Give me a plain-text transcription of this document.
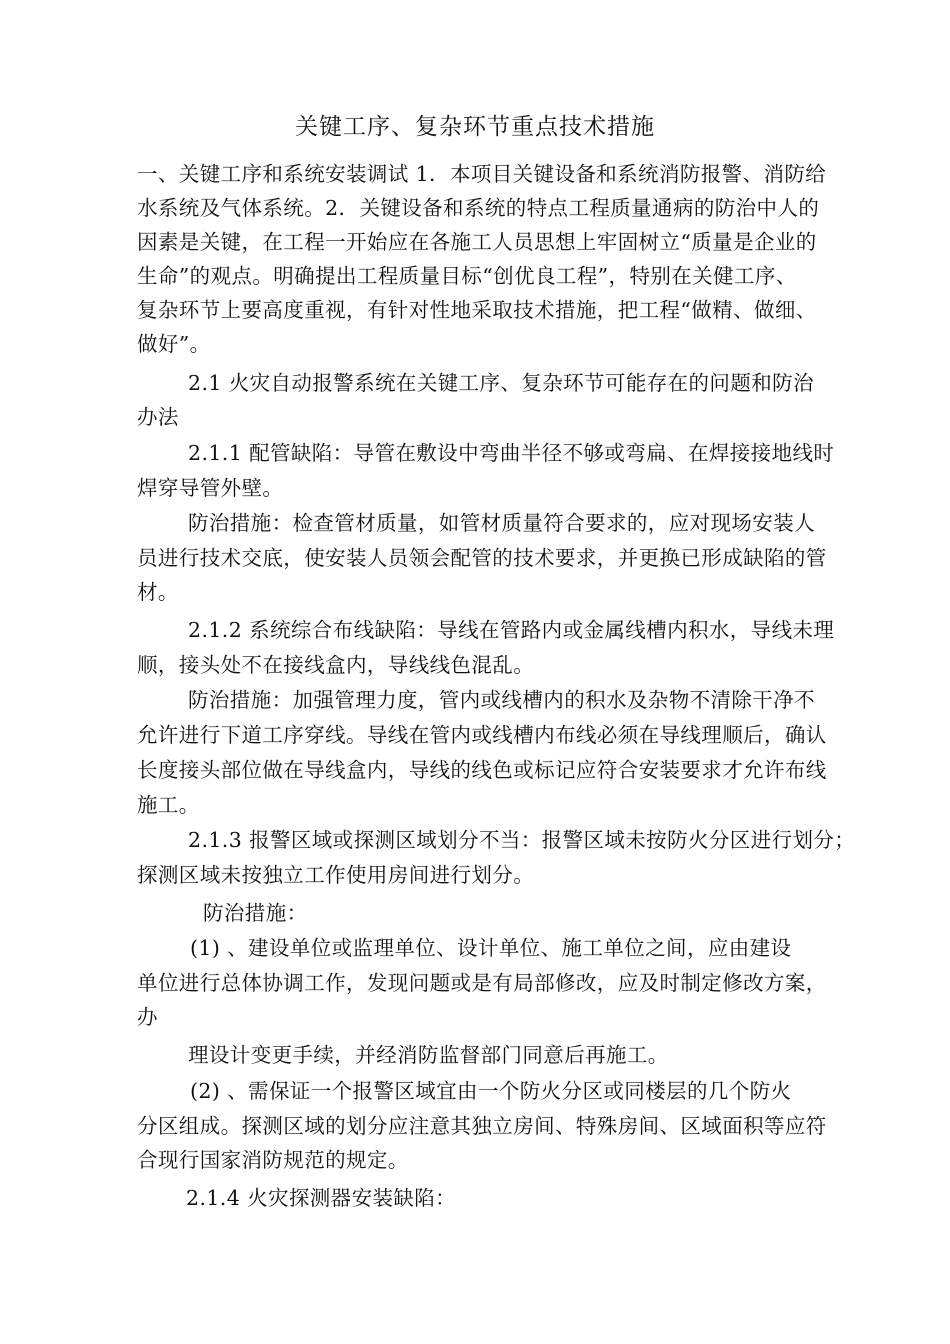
关键工序、复杂环节重点技术措施
一、关键工序和系统安装调试 1．本项目关键设备和系统消防报警、消防给
水系统及气体系统。2．关键设备和系统的特点工程质量通病的防治中人的
因素是关键，在工程一开始应在各施工人员思想上牢固树立“质量是企业的
生命”的观点。明确提出工程质量目标“创优良工程”，特别在关健工序、
复杂环节上要高度重视，有针对性地采取技术措施，把工程“做精、做细、
做好”。
2.1 火灾自动报警系统在关键工序、复杂环节可能存在的问题和防治
办法
2.1.1 配管缺陷：导管在敷设中弯曲半径不够或弯扁、在焊接接地线时
焊穿导管外壁。
防治措施：检查管材质量，如管材质量符合要求的，应对现场安装人
员进行技术交底，使安装人员领会配管的技术要求，并更换已形成缺陷的管
材。
2.1.2 系统综合布线缺陷：导线在管路内或金属线槽内积水，导线未理
顺，接头处不在接线盒内，导线线色混乱。
防治措施：加强管理力度，管内或线槽内的积水及杂物不清除干净不
允许进行下道工序穿线。导线在管内或线槽内布线必须在导线理顺后，确认
长度接头部位做在导线盒内，导线的线色或标记应符合安装要求才允许布线
施工。
2.1.3 报警区域或探测区域划分不当：报警区域未按防火分区进行划分；
探测区域未按独立工作使用房间进行划分。
防治措施：
(1) 、建设单位或监理单位、设计单位、施工单位之间，应由建设
单位进行总体协调工作，发现问题或是有局部修改，应及时制定修改方案，
办
理设计变更手续，并经消防监督部门同意后再施工。
(2) 、需保证一个报警区域宜由一个防火分区或同楼层的几个防火
分区组成。探测区域的划分应注意其独立房间、特殊房间、区域面积等应符
合现行国家消防规范的规定。
2.1.4 火灾探测器安装缺陷：
